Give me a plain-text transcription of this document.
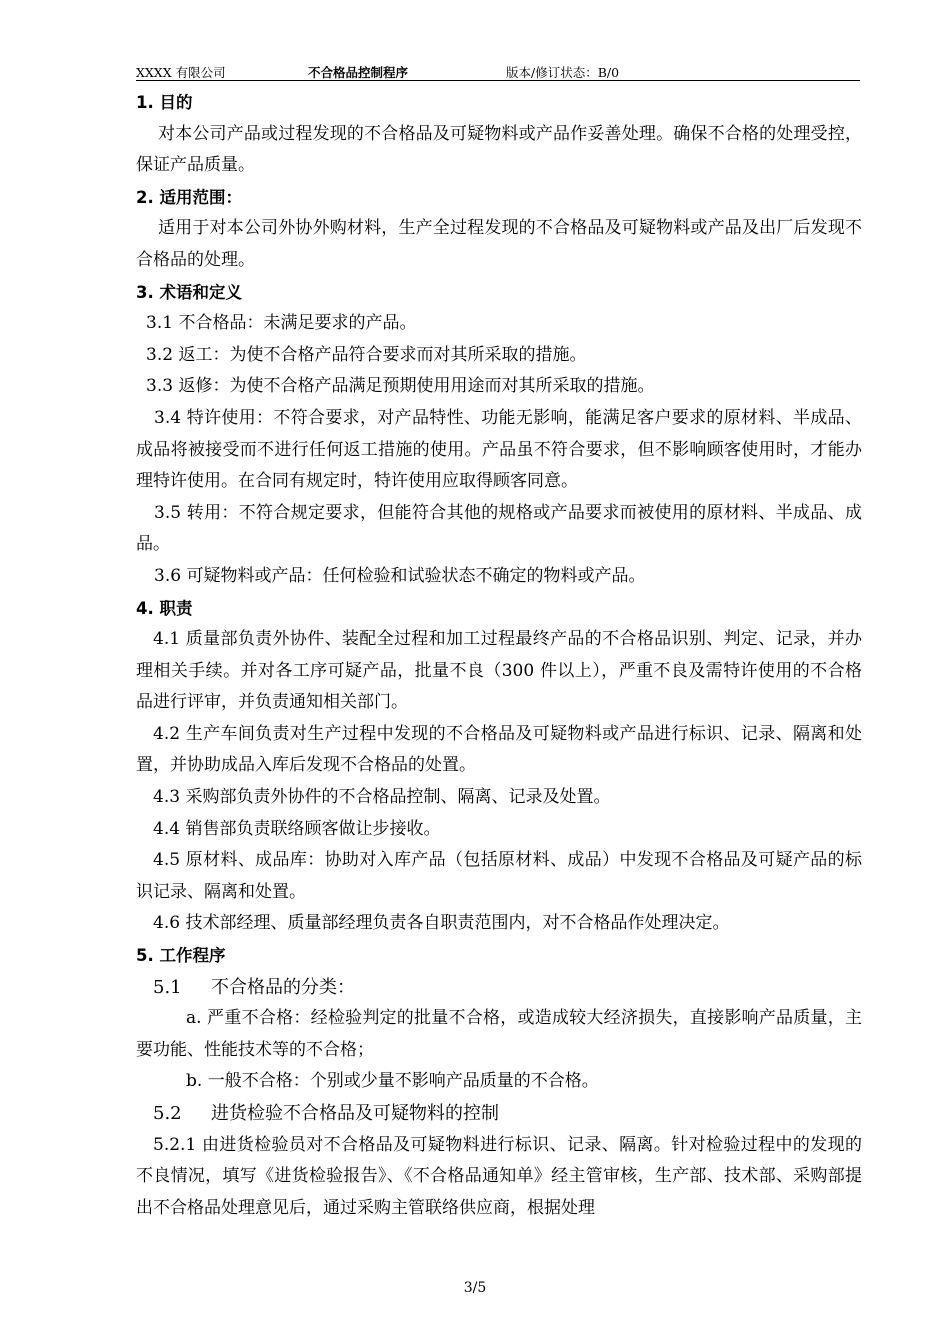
XXXX 有限公司	不合格品控制程序	版本/修订状态：B/0

1. 目的

对本公司产品或过程发现的不合格品及可疑物料或产品作妥善处理。确保不合格的处理受控，保证产品质量。

2. 适用范围：

适用于对本公司外协外购材料，生产全过程发现的不合格品及可疑物料或产品及出厂后发现不合格品的处理。

3. 术语和定义

3.1 不合格品：未满足要求的产品。

3.2 返工：为使不合格产品符合要求而对其所采取的措施。

3.3 返修：为使不合格产品满足预期使用用途而对其所采取的措施。

3.4 特许使用：不符合要求，对产品特性、功能无影响，能满足客户要求的原材料、半成品、成品将被接受而不进行任何返工措施的使用。产品虽不符合要求，但不影响顾客使用时，才能办理特许使用。在合同有规定时，特许使用应取得顾客同意。

3.5 转用：不符合规定要求，但能符合其他的规格或产品要求而被使用的原材料、半成品、成品。

3.6 可疑物料或产品：任何检验和试验状态不确定的物料或产品。

4. 职责

4.1 质量部负责外协件、装配全过程和加工过程最终产品的不合格品识别、判定、记录，并办理相关手续。并对各工序可疑产品，批量不良（300 件以上），严重不良及需特许使用的不合格品进行评审，并负责通知相关部门。

4.2 生产车间负责对生产过程中发现的不合格品及可疑物料或产品进行标识、记录、隔离和处置，并协助成品入库后发现不合格品的处置。

4.3 采购部负责外协件的不合格品控制、隔离、记录及处置。

4.4 销售部负责联络顾客做让步接收。

4.5 原材料、成品库：协助对入库产品（包括原材料、成品）中发现不合格品及可疑产品的标识记录、隔离和处置。

4.6 技术部经理、质量部经理负责各自职责范围内，对不合格品作处理决定。

5. 工作程序

5.1 不合格品的分类：

a. 严重不合格：经检验判定的批量不合格，或造成较大经济损失，直接影响产品质量，主要功能、性能技术等的不合格；

b. 一般不合格：个别或少量不影响产品质量的不合格。

5.2 进货检验不合格品及可疑物料的控制

5.2.1 由进货检验员对不合格品及可疑物料进行标识、记录、隔离。针对检验过程中的发现的不良情况，填写《进货检验报告》、《不合格品通知单》经主管审核，生产部、技术部、采购部提出不合格品处理意见后，通过采购主管联络供应商，根据处理

3/5
